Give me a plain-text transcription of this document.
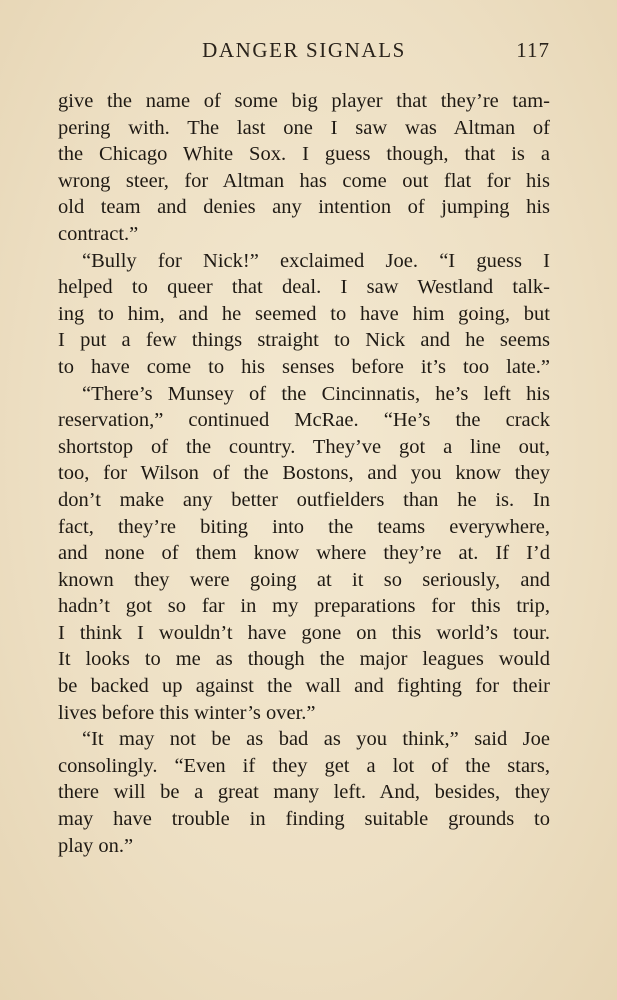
DANGER SIGNALS	117
give the name of some big player that they’re tam-
pering with. The last one I saw was Altman of
the Chicago White Sox. I guess though, that is a
wrong steer, for Altman has come out flat for his
old team and denies any intention of jumping his
contract.”
“Bully for Nick!” exclaimed Joe. “I guess I
helped to queer that deal. I saw Westland talk-
ing to him, and he seemed to have him going, but
I put a few things straight to Nick and he seems
to have come to his senses before it’s too late.”
“There’s Munsey of the Cincinnatis, he’s left his
reservation,” continued McRae. “He’s the crack
shortstop of the country. They’ve got a line out,
too, for Wilson of the Bostons, and you know they
don’t make any better outfielders than he is. In
fact, they’re biting into the teams everywhere,
and none of them know where they’re at. If I’d
known they were going at it so seriously, and
hadn’t got so far in my preparations for this trip,
I think I wouldn’t have gone on this world’s tour.
It looks to me as though the major leagues would
be backed up against the wall and fighting for their
lives before this winter’s over.”
“It may not be as bad as you think,” said Joe
consolingly. “Even if they get a lot of the stars,
there will be a great many left. And, besides, they
may have trouble in finding suitable grounds to
play on.”
